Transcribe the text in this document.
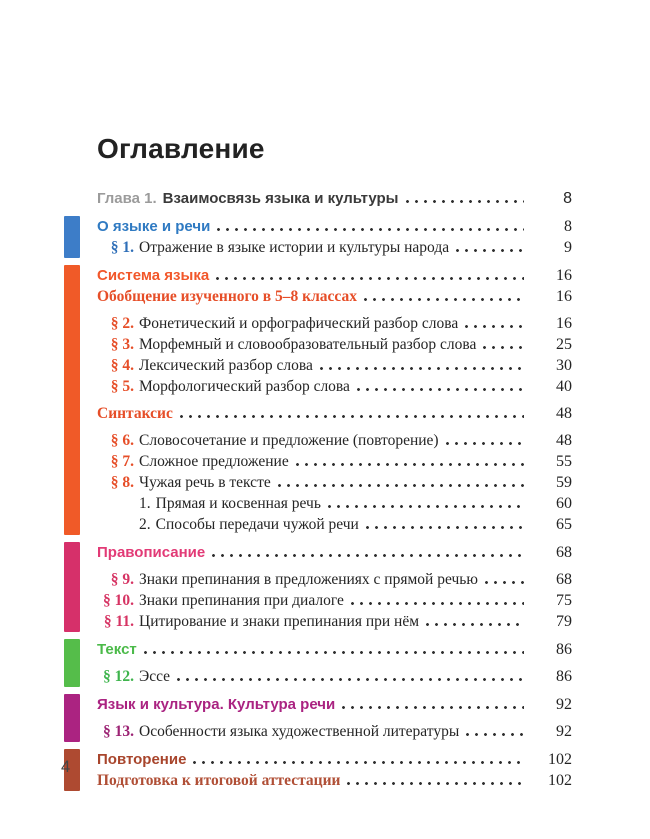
Оглавление
Глава 1. Взаимосвязь языка и культуры	8
О языке и речи	8
§ 1. Отражение в языке истории и культуры народа	9
Система языка	16
Обобщение изученного в 5–8 классах	16
§ 2. Фонетический и орфографический разбор слова	16
§ 3. Морфемный и словообразовательный разбор слова	25
§ 4. Лексический разбор слова	30
§ 5. Морфологический разбор слова	40
Синтаксис	48
§ 6. Словосочетание и предложение (повторение)	48
§ 7. Сложное предложение	55
§ 8. Чужая речь в тексте	59
1. Прямая и косвенная речь	60
2. Способы передачи чужой речи	65
Правописание	68
§ 9. Знаки препинания в предложениях с прямой речью	68
§ 10. Знаки препинания при диалоге	75
§ 11. Цитирование и знаки препинания при нём	79
Текст	86
§ 12. Эссе	86
Язык и культура. Культура речи	92
§ 13. Особенности языка художественной литературы	92
Повторение	102
Подготовка к итоговой аттестации	102
4
